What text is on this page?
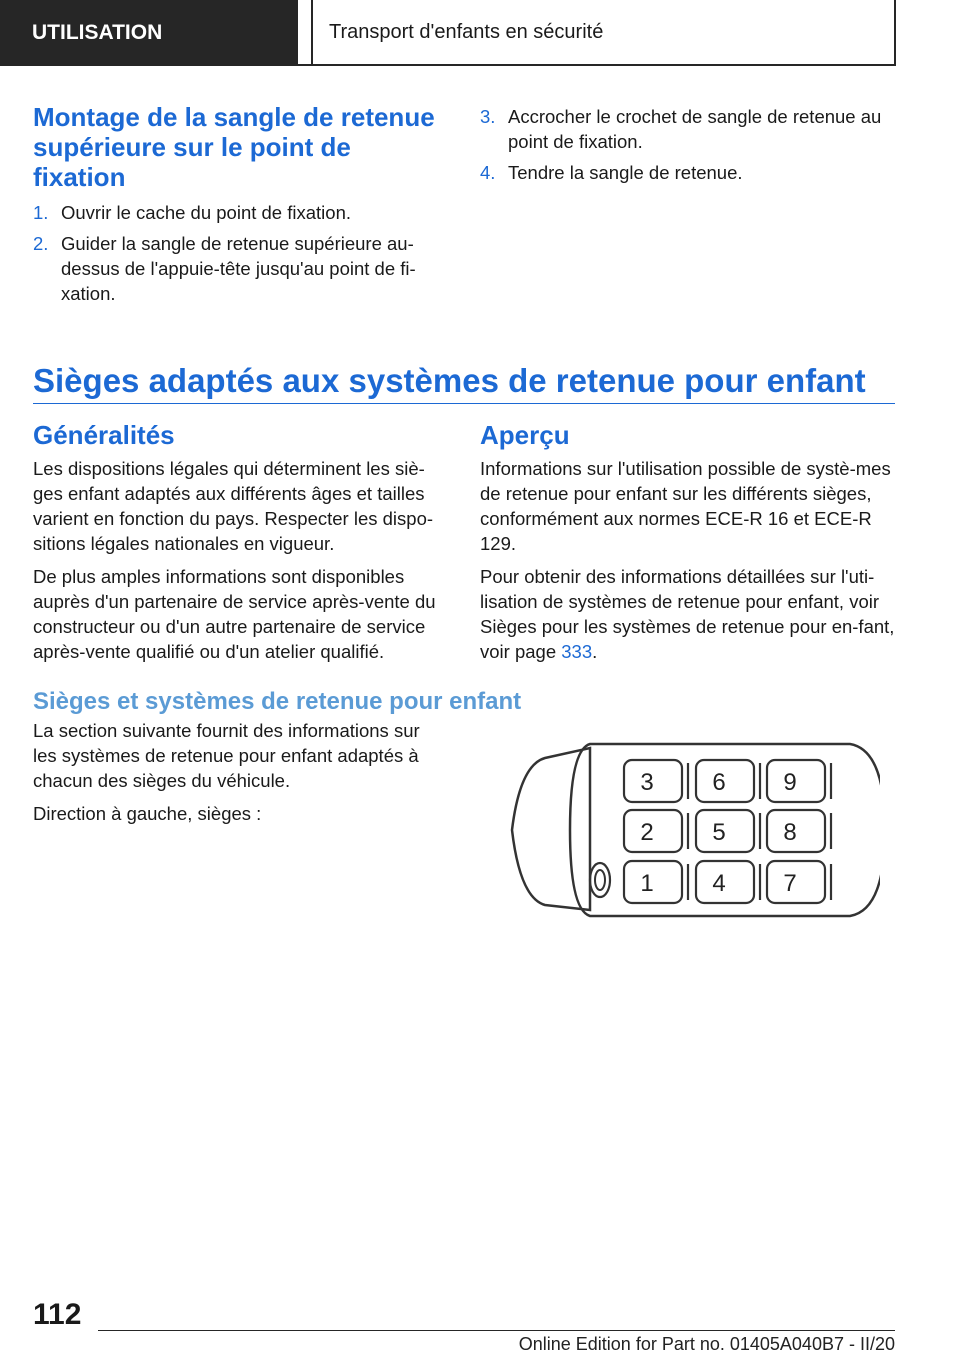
UTILISATION	Transport d'enfants en sécurité
Montage de la sangle de retenue supérieure sur le point de fixation
1. Ouvrir le cache du point de fixation.
2. Guider la sangle de retenue supérieure au-dessus de l'appuie-tête jusqu'au point de fi-xation.
3. Accrocher le crochet de sangle de retenue au point de fixation.
4. Tendre la sangle de retenue.
Sièges adaptés aux systèmes de retenue pour enfant
Généralités

Les dispositions légales qui déterminent les siè-ges enfant adaptés aux différents âges et tailles varient en fonction du pays. Respecter les dispo-sitions légales nationales en vigueur.

De plus amples informations sont disponibles auprès d'un partenaire de service après-vente du constructeur ou d'un autre partenaire de service après-vente qualifié ou d'un atelier qualifié.

Aperçu

Informations sur l'utilisation possible de systè-mes de retenue pour enfant sur les différents sièges, conformément aux normes ECE-R 16 et ECE-R 129.

Pour obtenir des informations détaillées sur l'uti-lisation de systèmes de retenue pour enfant, voir Sièges pour les systèmes de retenue pour en-fant, voir page 333.

Sièges et systèmes de retenue pour enfant

La section suivante fournit des informations sur les systèmes de retenue pour enfant adaptés à chacun des sièges du véhicule.

Direction à gauche, sièges :

3 6 9
2 5 8
1 4 7
112
Online Edition for Part no. 01405A040B7 - II/20
